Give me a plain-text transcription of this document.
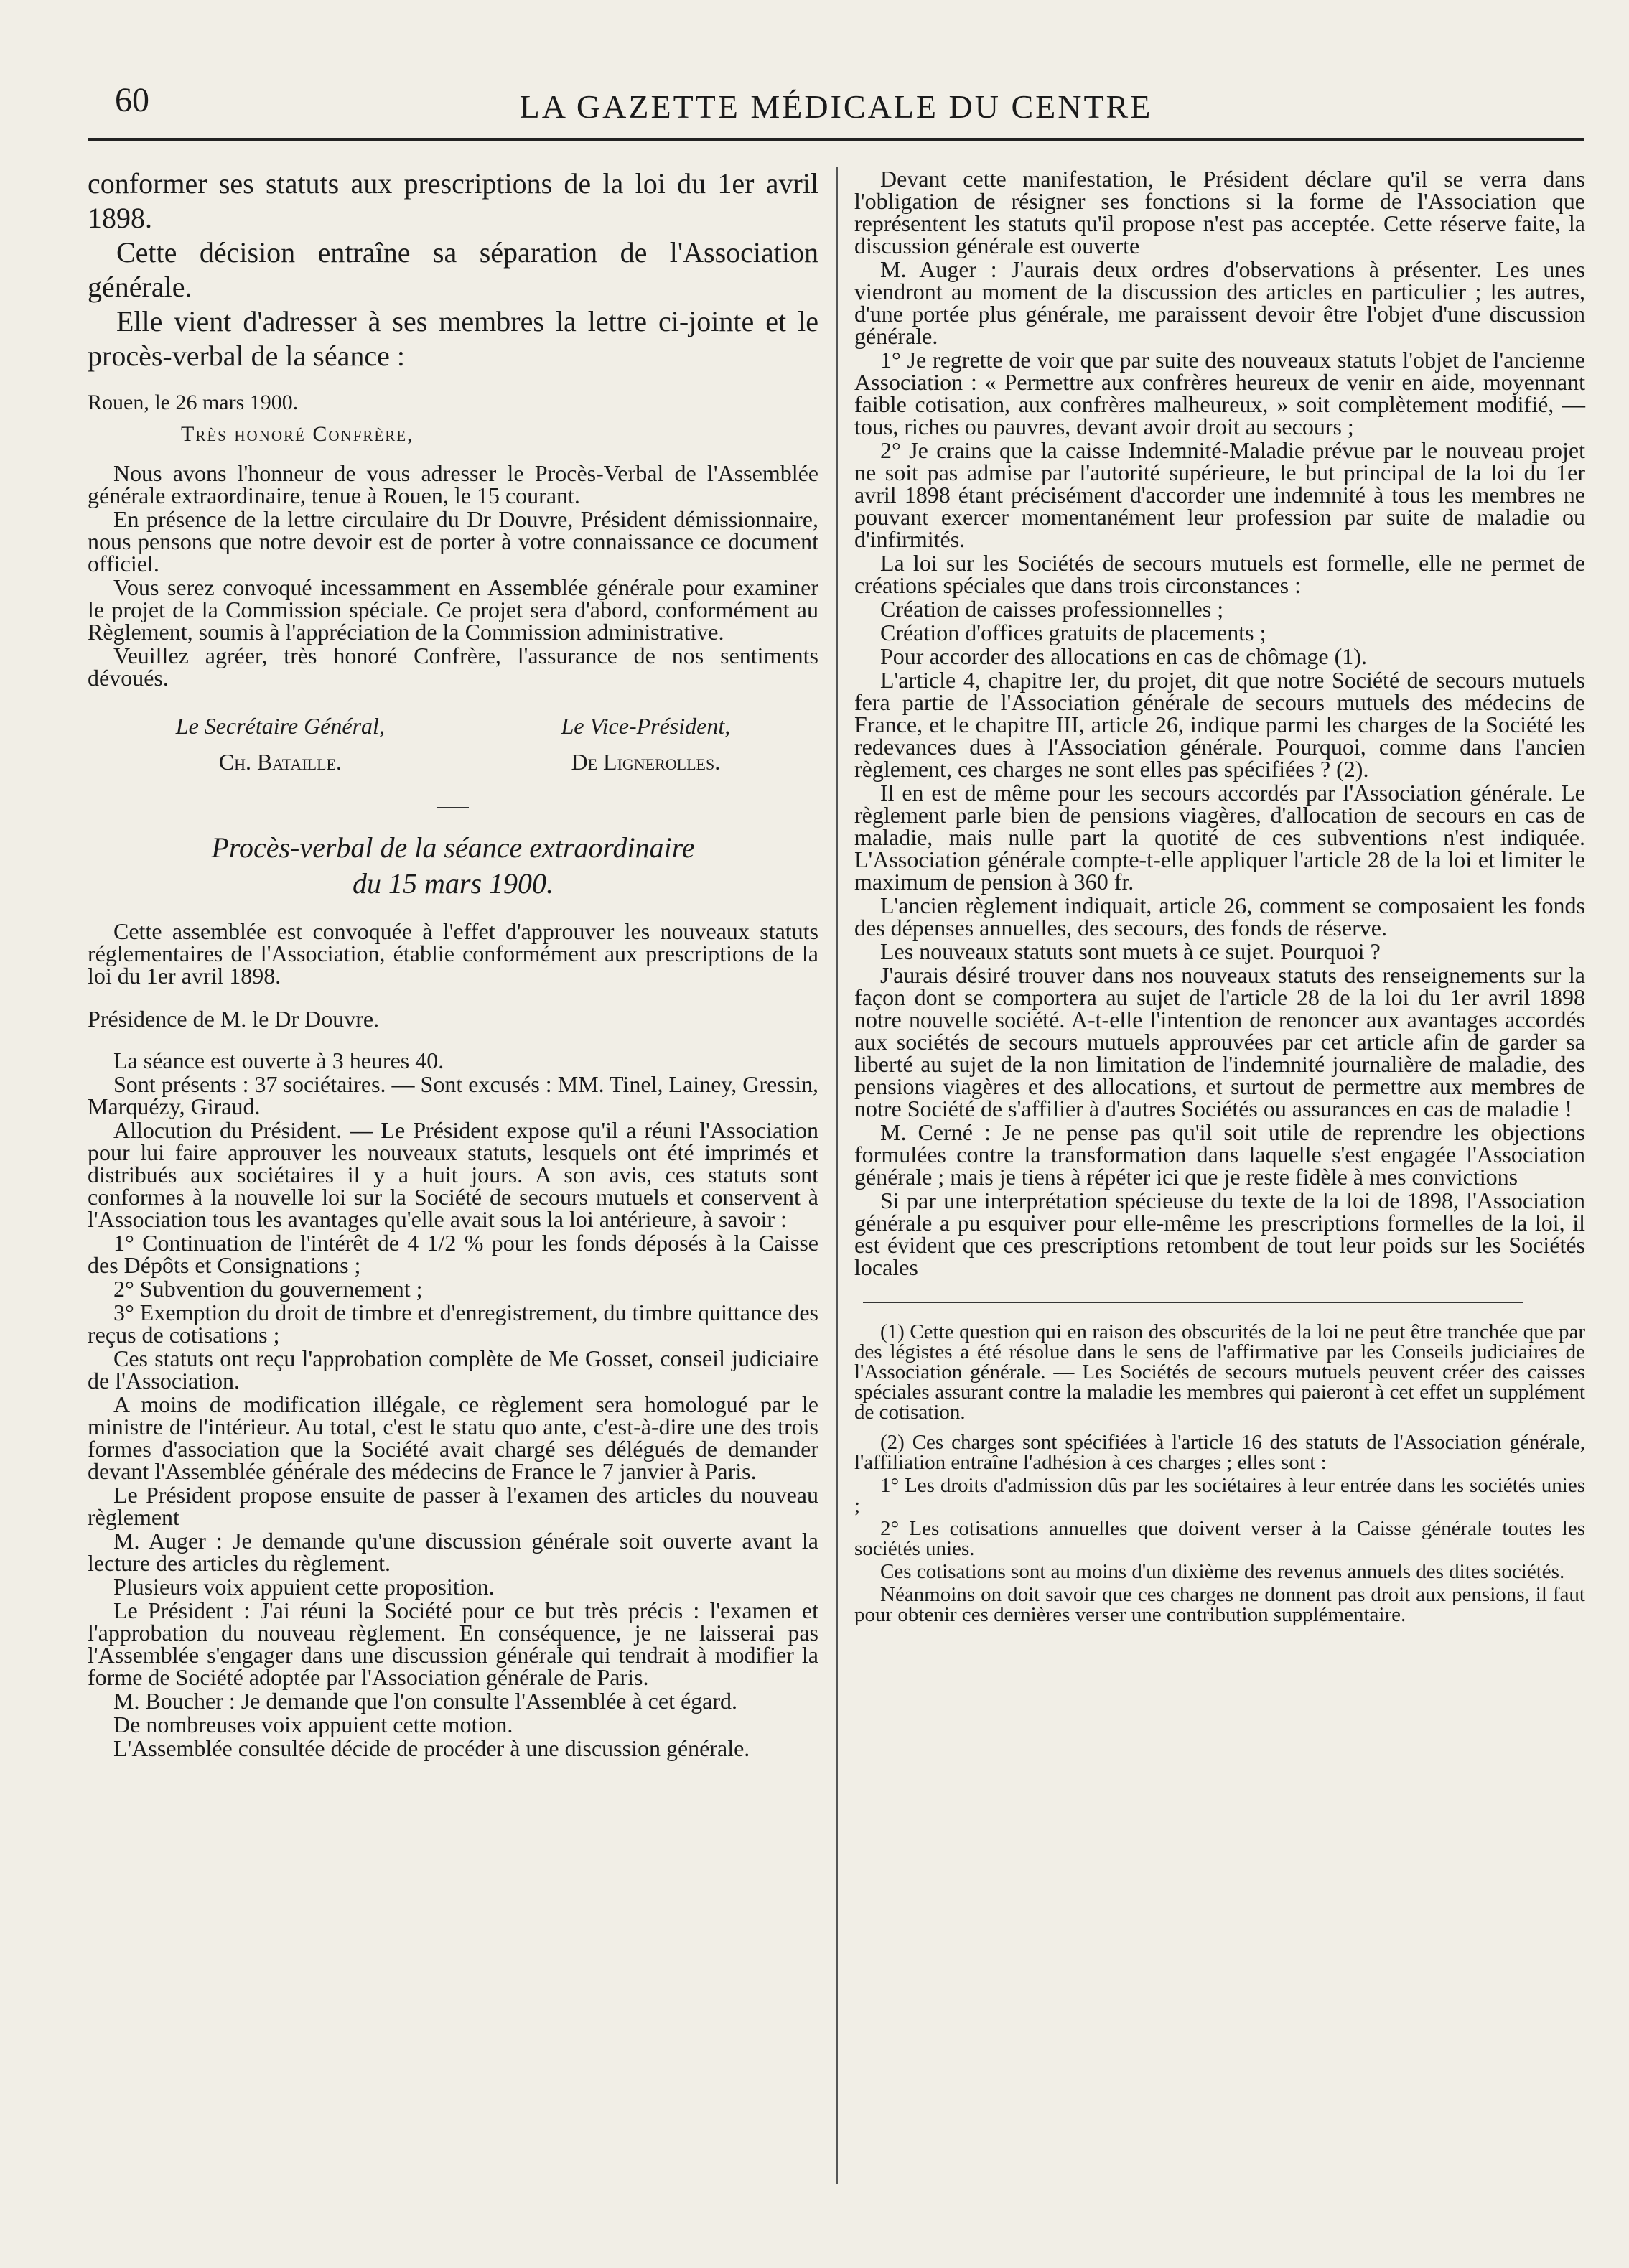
60	LA GAZETTE MÉDICALE DU CENTRE

conformer ses statuts aux prescriptions de la loi du 1er avril 1898.

Cette décision entraîne sa séparation de l'Association générale.

Elle vient d'adresser à ses membres la lettre ci-jointe et le procès-verbal de la séance :

Rouen, le 26 mars 1900.

Très honoré Confrère,

Nous avons l'honneur de vous adresser le Procès-Verbal de l'Assemblée générale extraordinaire, tenue à Rouen, le 15 courant.

En présence de la lettre circulaire du Dr Douvre, Président démissionnaire, nous pensons que notre devoir est de porter à votre connaissance ce document officiel.

Vous serez convoqué incessamment en Assemblée générale pour examiner le projet de la Commission spéciale. Ce projet sera d'abord, conformément au Règlement, soumis à l'appréciation de la Commission administrative.

Veuillez agréer, très honoré Confrère, l'assurance de nos sentiments dévoués.

Le Secrétaire Général,
Ch. Bataille.
Le Vice-Président,
De Lignerolles.
Procès-verbal de la séance extraordinaire
du 15 mars 1900.

Cette assemblée est convoquée à l'effet d'approuver les nouveaux statuts réglementaires de l'Association, établie conformément aux prescriptions de la loi du 1er avril 1898.

Présidence de M. le Dr Douvre.

La séance est ouverte à 3 heures 40.

Sont présents : 37 sociétaires. — Sont excusés : MM. Tinel, Lainey, Gressin, Marquézy, Giraud.

Allocution du Président. — Le Président expose qu'il a réuni l'Association pour lui faire approuver les nouveaux statuts, lesquels ont été imprimés et distribués aux sociétaires il y a huit jours. A son avis, ces statuts sont conformes à la nouvelle loi sur la Société de secours mutuels et conservent à l'Association tous les avantages qu'elle avait sous la loi antérieure, à savoir :

1° Continuation de l'intérêt de 4 1/2 % pour les fonds déposés à la Caisse des Dépôts et Consignations ;

2° Subvention du gouvernement ;

3° Exemption du droit de timbre et d'enregistrement, du timbre quittance des reçus de cotisations ;

Ces statuts ont reçu l'approbation complète de Me Gosset, conseil judiciaire de l'Association.

A moins de modification illégale, ce règlement sera homologué par le ministre de l'intérieur. Au total, c'est le statu quo ante, c'est-à-dire une des trois formes d'association que la Société avait chargé ses délégués de demander devant l'Assemblée générale des médecins de France le 7 janvier à Paris.

Le Président propose ensuite de passer à l'examen des articles du nouveau règlement

M. Auger : Je demande qu'une discussion générale soit ouverte avant la lecture des articles du règlement.

Plusieurs voix appuient cette proposition.

Le Président : J'ai réuni la Société pour ce but très précis : l'examen et l'approbation du nouveau règlement. En conséquence, je ne laisserai pas l'Assemblée s'engager dans une discussion générale qui tendrait à modifier la forme de Société adoptée par l'Association générale de Paris.

M. Boucher : Je demande que l'on consulte l'Assemblée à cet égard.

De nombreuses voix appuient cette motion.

L'Assemblée consultée décide de procéder à une discussion générale.

Devant cette manifestation, le Président déclare qu'il se verra dans l'obligation de résigner ses fonctions si la forme de l'Association que représentent les statuts qu'il propose n'est pas acceptée. Cette réserve faite, la discussion générale est ouverte

M. Auger : J'aurais deux ordres d'observations à présenter. Les unes viendront au moment de la discussion des articles en particulier ; les autres, d'une portée plus générale, me paraissent devoir être l'objet d'une discussion générale.

1° Je regrette de voir que par suite des nouveaux statuts l'objet de l'ancienne Association : « Permettre aux confrères heureux de venir en aide, moyennant faible cotisation, aux confrères malheureux, » soit complètement modifié, — tous, riches ou pauvres, devant avoir droit au secours ;

2° Je crains que la caisse Indemnité-Maladie prévue par le nouveau projet ne soit pas admise par l'autorité supérieure, le but principal de la loi du 1er avril 1898 étant précisément d'accorder une indemnité à tous les membres ne pouvant exercer momentanément leur profession par suite de maladie ou d'infirmités.

La loi sur les Sociétés de secours mutuels est formelle, elle ne permet de créations spéciales que dans trois circonstances :

Création de caisses professionnelles ;

Création d'offices gratuits de placements ;

Pour accorder des allocations en cas de chômage (1).

L'article 4, chapitre Ier, du projet, dit que notre Société de secours mutuels fera partie de l'Association générale de secours mutuels des médecins de France, et le chapitre III, article 26, indique parmi les charges de la Société les redevances dues à l'Association générale. Pourquoi, comme dans l'ancien règlement, ces charges ne sont elles pas spécifiées ? (2).

Il en est de même pour les secours accordés par l'Association générale. Le règlement parle bien de pensions viagères, d'allocation de secours en cas de maladie, mais nulle part la quotité de ces subventions n'est indiquée. L'Association générale compte-t-elle appliquer l'article 28 de la loi et limiter le maximum de pension à 360 fr.

L'ancien règlement indiquait, article 26, comment se composaient les fonds des dépenses annuelles, des secours, des fonds de réserve.

Les nouveaux statuts sont muets à ce sujet. Pourquoi ?

J'aurais désiré trouver dans nos nouveaux statuts des renseignements sur la façon dont se comportera au sujet de l'article 28 de la loi du 1er avril 1898 notre nouvelle société. A-t-elle l'intention de renoncer aux avantages accordés aux sociétés de secours mutuels approuvées par cet article afin de garder sa liberté au sujet de la non limitation de l'indemnité journalière de maladie, des pensions viagères et des allocations, et surtout de permettre aux membres de notre Société de s'affilier à d'autres Sociétés ou assurances en cas de maladie !

M. Cerné : Je ne pense pas qu'il soit utile de reprendre les objections formulées contre la transformation dans laquelle s'est engagée l'Association générale ; mais je tiens à répéter ici que je reste fidèle à mes convictions

Si par une interprétation spécieuse du texte de la loi de 1898, l'Association générale a pu esquiver pour elle-même les prescriptions formelles de la loi, il est évident que ces prescriptions retombent de tout leur poids sur les Sociétés locales

(1) Cette question qui en raison des obscurités de la loi ne peut être tranchée que par des légistes a été résolue dans le sens de l'affirmative par les Conseils judiciaires de l'Association générale. — Les Sociétés de secours mutuels peuvent créer des caisses spéciales assurant contre la maladie les membres qui paieront à cet effet un supplément de cotisation.

(2) Ces charges sont spécifiées à l'article 16 des statuts de l'Association générale, l'affiliation entraîne l'adhésion à ces charges ; elles sont :

1° Les droits d'admission dûs par les sociétaires à leur entrée dans les sociétés unies ;

2° Les cotisations annuelles que doivent verser à la Caisse générale toutes les sociétés unies.

Ces cotisations sont au moins d'un dixième des revenus annuels des dites sociétés.

Néanmoins on doit savoir que ces charges ne donnent pas droit aux pensions, il faut pour obtenir ces dernières verser une contribution supplémentaire.
